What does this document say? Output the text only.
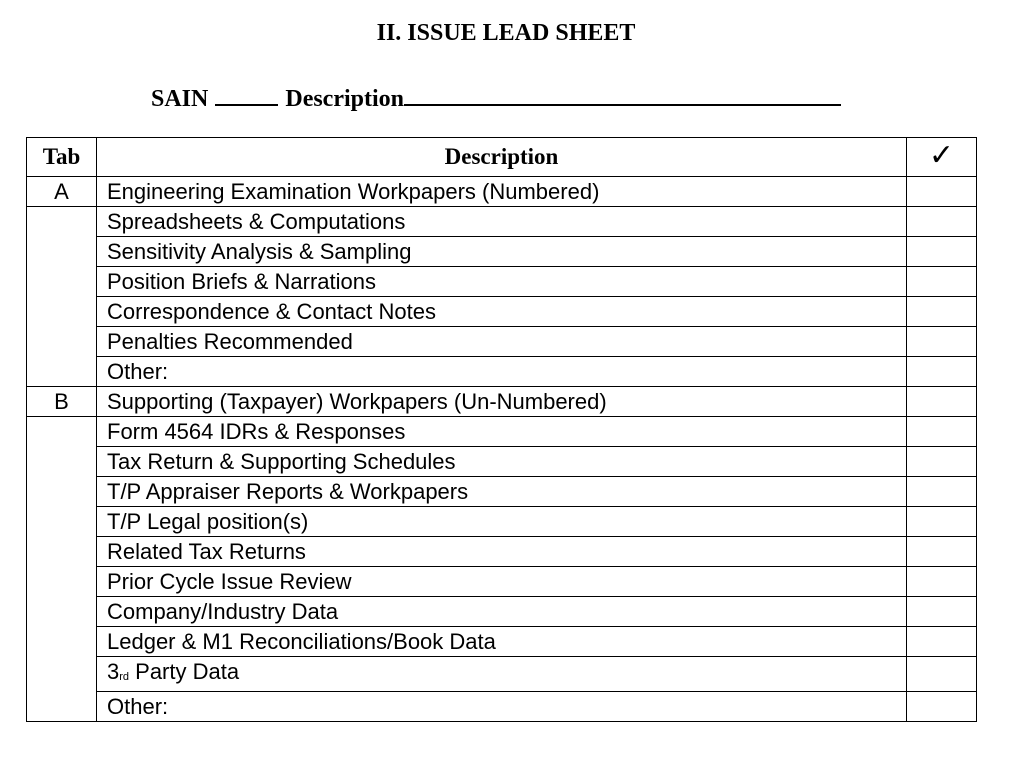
II. ISSUE LEAD SHEET
SAIN	Description
Tab	Description	✓
A	Engineering Examination Workpapers (Numbered)	
	Spreadsheets & Computations	
	Sensitivity Analysis & Sampling	
	Position Briefs & Narrations	
	Correspondence & Contact Notes	
	Penalties Recommended	
	Other:	
B	Supporting (Taxpayer) Workpapers (Un-Numbered)	
	Form 4564 IDRs & Responses	
	Tax Return & Supporting Schedules	
	T/P Appraiser Reports & Workpapers	
	T/P Legal position(s)	
	Related Tax Returns	
	Prior Cycle Issue Review	
	Company/Industry Data	
	Ledger & M1 Reconciliations/Book Data	
	$3_{rd}$ Party Data	
	Other:	
